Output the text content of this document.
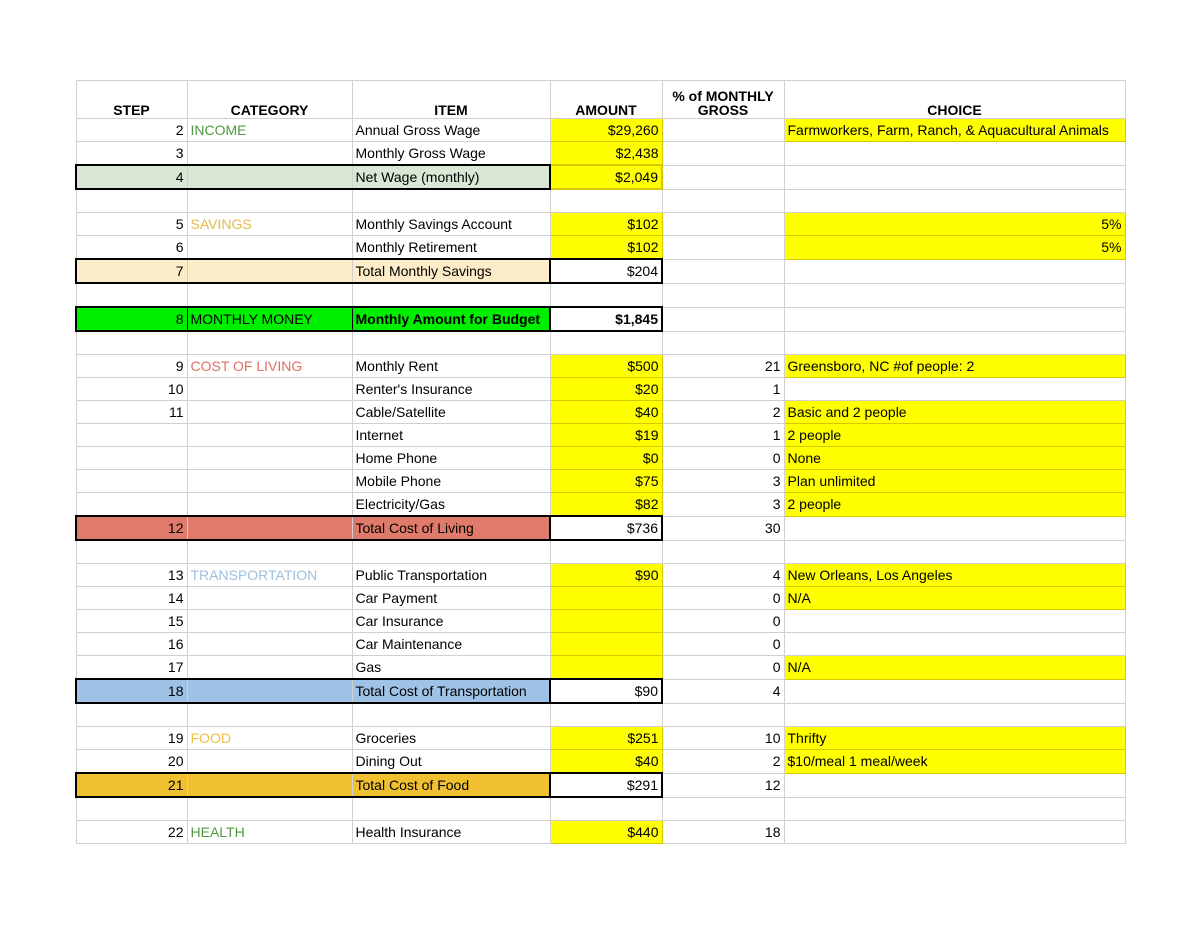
STEP	CATEGORY	ITEM	AMOUNT	% of MONTHLY GROSS	CHOICE
2	INCOME	Annual Gross Wage	$29,260		Farmworkers, Farm, Ranch, & Aquacultural Animals
3		Monthly Gross Wage	$2,438		
4		Net Wage (monthly)	$2,049		

5	SAVINGS	Monthly Savings Account	$102		5%
6		Monthly Retirement	$102		5%
7		Total Monthly Savings	$204		

8	MONTHLY MONEY	Monthly Amount for Budget	$1,845		

9	COST OF LIVING	Monthly Rent	$500	21	Greensboro, NC #of people: 2
10		Renter's Insurance	$20	1	
11		Cable/Satellite	$40	2	Basic and 2 people
		Internet	$19	1	2 people
		Home Phone	$0	0	None
		Mobile Phone	$75	3	Plan unlimited
		Electricity/Gas	$82	3	2 people
12		Total Cost of Living	$736	30	

13	TRANSPORTATION	Public Transportation	$90	4	New Orleans, Los Angeles
14		Car Payment		0	N/A
15		Car Insurance		0	
16		Car Maintenance		0	
17		Gas		0	N/A
18		Total Cost of Transportation	$90	4	

19	FOOD	Groceries	$251	10	Thrifty
20		Dining Out	$40	2	$10/meal 1 meal/week
21		Total Cost of Food	$291	12	

22	HEALTH	Health Insurance	$440	18	
